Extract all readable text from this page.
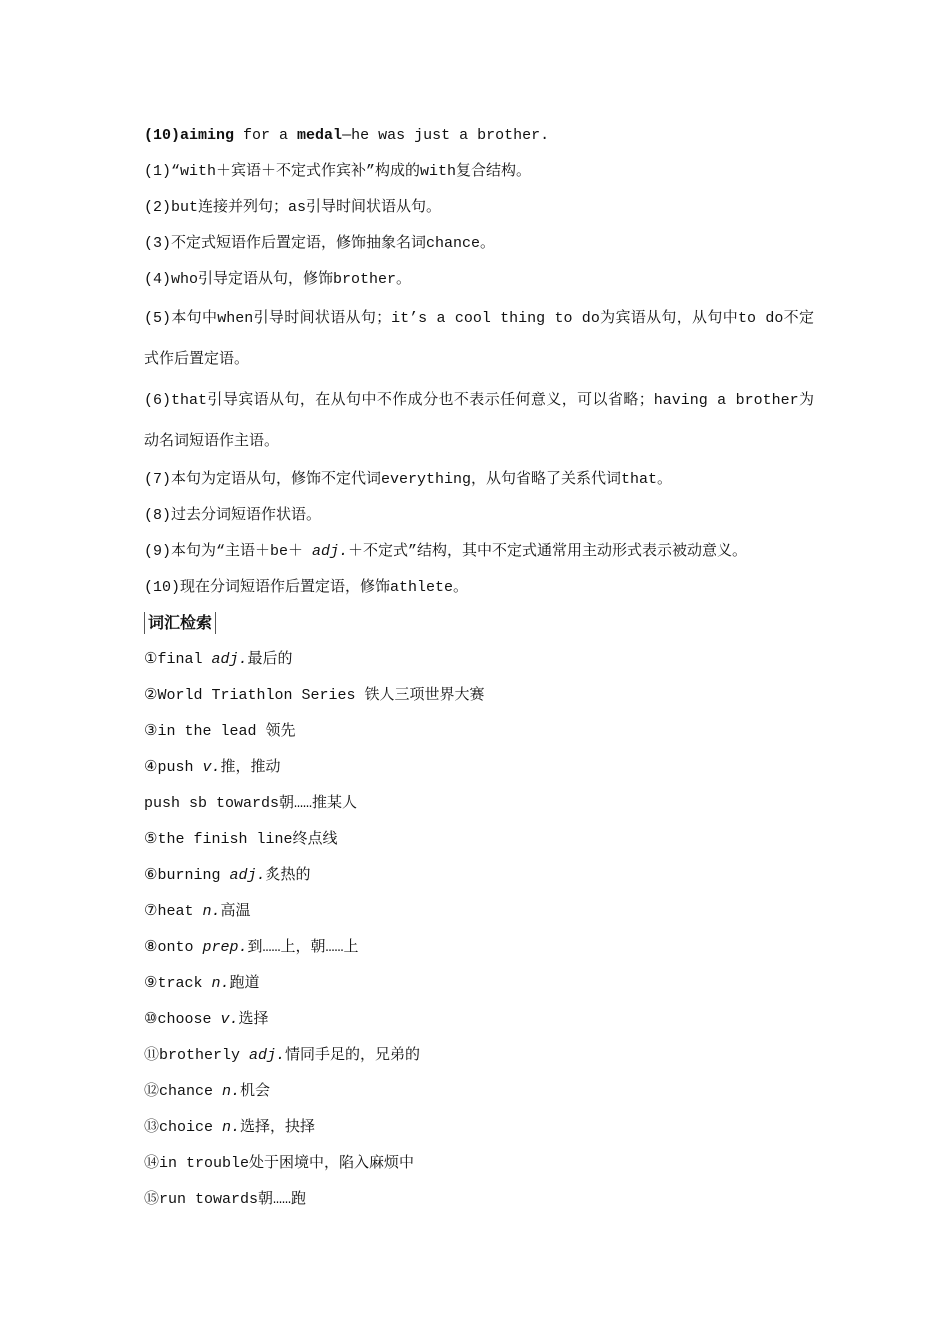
(10)aiming for a medal—he was just a brother.
(1)“with＋宾语＋不定式作宾补”构成的with复合结构。
(2)but连接并列句；as引导时间状语从句。
(3)不定式短语作后置定语，修饰抽象名词chance。
(4)who引导定语从句，修饰brother。
(5)本句中when引导时间状语从句；it’s a cool thing to do为宾语从句，从句中to do不定式作后置定语。
(6)that引导宾语从句，在从句中不作成分也不表示任何意义，可以省略；having a brother为动名词短语作主语。
(7)本句为定语从句，修饰不定代词everything，从句省略了关系代词that。
(8)过去分词短语作状语。
(9)本句为“主语＋be＋ adj.＋不定式”结构，其中不定式通常用主动形式表示被动意义。
(10)现在分词短语作后置定语，修饰athlete。
词汇检索
①final adj.最后的
②World Triathlon Series 铁人三项世界大赛
③in the lead 领先
④push v.推，推动
push sb towards朝……推某人
⑤the finish line终点线
⑥burning adj.炙热的
⑦heat n.高温
⑧onto prep.到……上，朝……上
⑨track n.跑道
⑩choose v.选择
⑪brotherly adj.情同手足的，兄弟的
⑫chance n.机会
⑬choice n.选择，抉择
⑭in trouble处于困境中，陷入麻烦中
⑮run towards朝……跑
